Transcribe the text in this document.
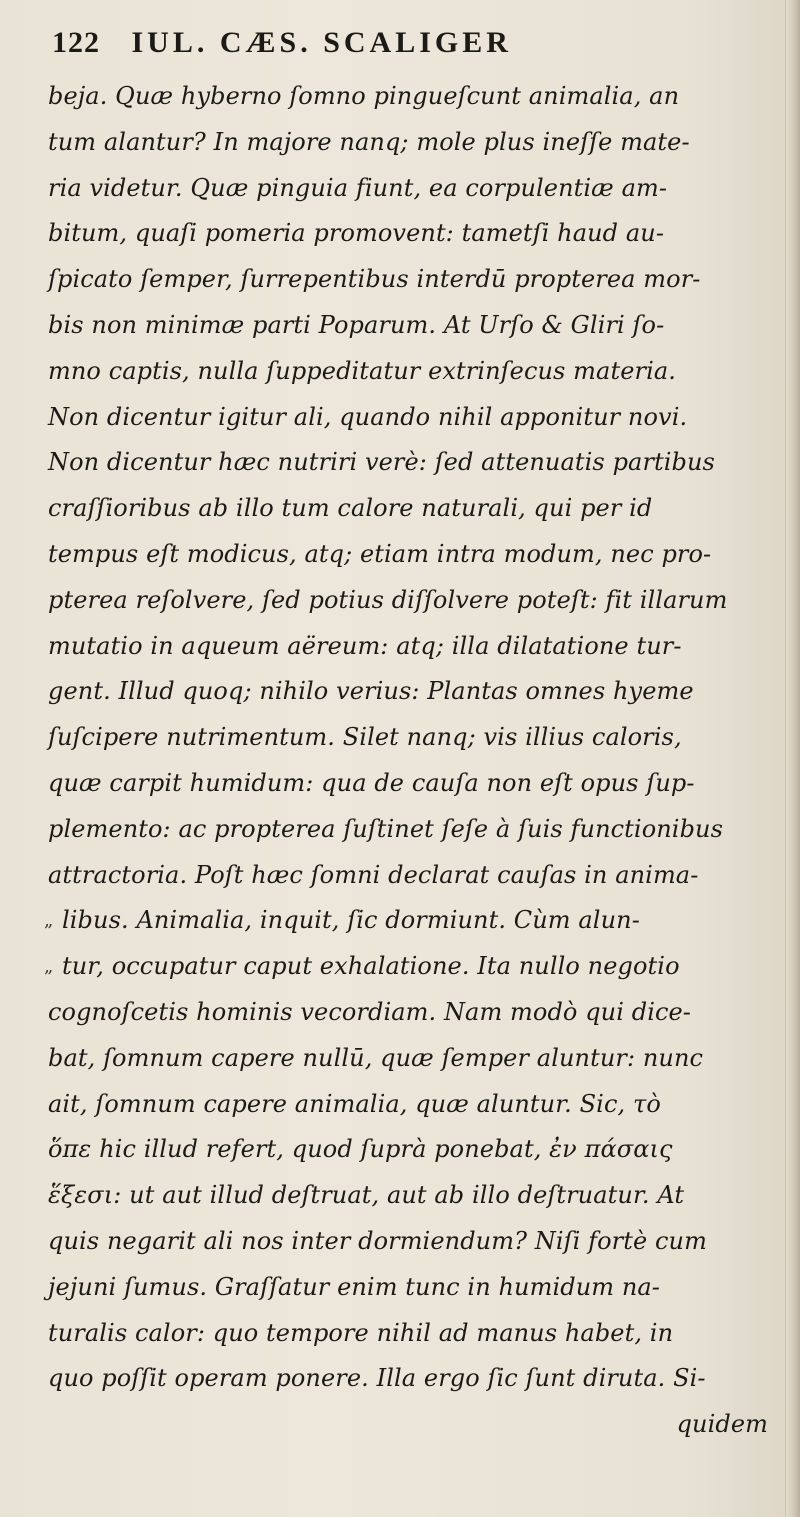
122 IUL. CÆS. SCALIGER
beja. Quæ hyberno ſomno pingueſcunt animalia, an
tum alantur? In majore nanq; mole plus ineſſe mate-
ria videtur. Quæ pinguia fiunt, ea corpulentiæ am-
bitum, quaſi pomeria promovent: tametſi haud au-
ſpicato ſemper, ſurrepentibus interdū propterea mor-
bis non minimæ parti Poparum. At Urſo & Gliri ſo-
mno captis, nulla ſuppeditatur extrinſecus materia.
Non dicentur igitur ali, quando nihil apponitur novi.
Non dicentur hæc nutriri verè: ſed attenuatis partibus
craſſioribus ab illo tum calore naturali, qui per id
tempus eſt modicus, atq; etiam intra modum, nec pro-
pterea reſolvere, ſed potius diſſolvere poteſt: fit illarum
mutatio in aqueum aëreum: atq; illa dilatatione tur-
gent. Illud quoq; nihilo verius: Plantas omnes hyeme
ſuſcipere nutrimentum. Silet nanq; vis illius caloris,
quæ carpit humidum: qua de cauſa non eſt opus ſup-
plemento: ac propterea ſuſtinet ſeſe à ſuis functionibus
attractoria. Poſt hæc ſomni declarat cauſas in anima-
„ libus. Animalia, inquit, ſic dormiunt. Cùm alun-
„ tur, occupatur caput exhalatione. Ita nullo negotio
cognoſcetis hominis vecordiam. Nam modò qui dice-
bat, ſomnum capere nullū, quæ ſemper aluntur: nunc
ait, ſomnum capere animalia, quæ aluntur. Sic, τὸ
ὅπε hic illud refert, quod ſuprà ponebat, ἐν πάσαις
ἕξεσι: ut aut illud deſtruat, aut ab illo deſtruatur. At
quis negarit ali nos inter dormiendum? Niſi fortè cum
jejuni ſumus. Graſſatur enim tunc in humidum na-
turalis calor: quo tempore nihil ad manus habet, in
quo poſſit operam ponere. Illa ergo ſic ſunt diruta. Si-
quidem
